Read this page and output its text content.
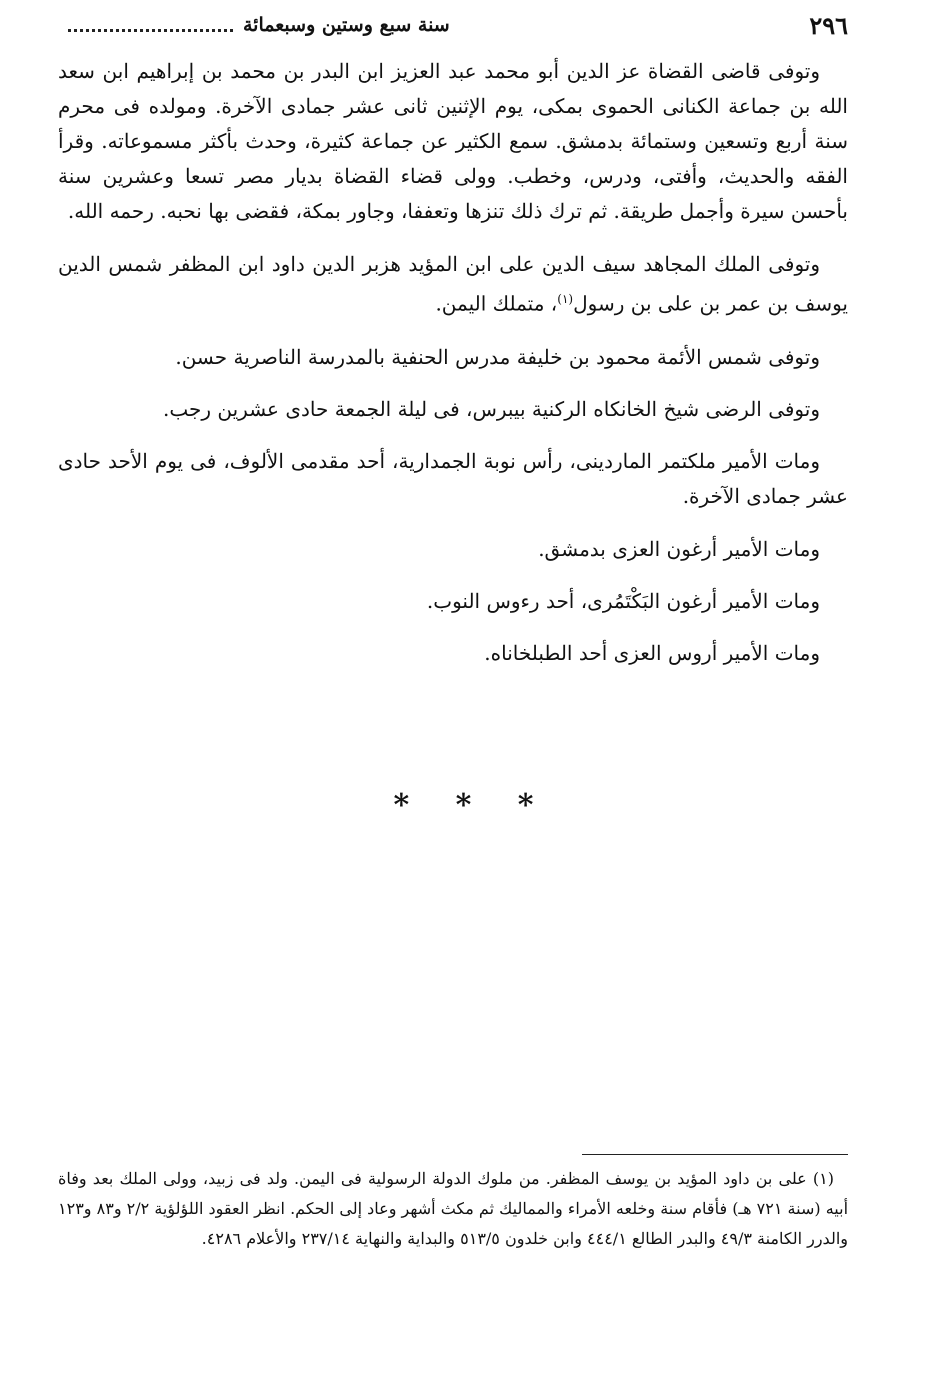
٢٩٦
سنة سبع وستين وسبعمائة

وتوفى قاضى القضاة عز الدين أبو محمد عبد العزيز ابن البدر بن محمد بن إبراهيم ابن سعد الله بن جماعة الكنانى الحموى بمكى، يوم الإثنين ثانى عشر جمادى الآخرة. ومولده فى محرم سنة أربع وتسعين وستمائة بدمشق. سمع الكثير عن جماعة كثيرة، وحدث بأكثر مسموعاته. وقرأ الفقه والحديث، وأفتى، ودرس، وخطب. وولى قضاء القضاة بديار مصر تسعا وعشرين سنة بأحسن سيرة وأجمل طريقة. ثم ترك ذلك تنزها وتعففا، وجاور بمكة، فقضى بها نحبه. رحمه الله.

وتوفى الملك المجاهد سيف الدين على ابن المؤيد هزبر الدين داود ابن المظفر شمس الدين يوسف بن عمر بن على بن رسول$^{(١)}$، متملك اليمن.

وتوفى شمس الأئمة محمود بن خليفة مدرس الحنفية بالمدرسة الناصرية حسن.

وتوفى الرضى شيخ الخانكاه الركنية بيبرس، فى ليلة الجمعة حادى عشرين رجب.

ومات الأمير ملكتمر الماردينى، رأس نوبة الجمدارية، أحد مقدمى الألوف، فى يوم الأحد حادى عشر جمادى الآخرة.

ومات الأمير أرغون العزى بدمشق.

ومات الأمير أرغون البَكْتَمُرى، أحد رءوس النوب.

ومات الأمير أروس العزى أحد الطبلخاناه.

* * *
(١) على بن داود المؤيد بن يوسف المظفر. من ملوك الدولة الرسولية فى اليمن. ولد فى زبيد، وولى الملك بعد وفاة أبيه (سنة ٧٢١ هـ) فأقام سنة وخلعه الأمراء والمماليك ثم مكث أشهر وعاد إلى الحكم. انظر العقود اللؤلؤية ٢/٢ و٨٣ و١٢٣ والدرر الكامنة ٤٩/٣ والبدر الطالع ٤٤٤/١ وابن خلدون ٥١٣/٥ والبداية والنهاية ٢٣٧/١٤ والأعلام ٤٢٨٦.
